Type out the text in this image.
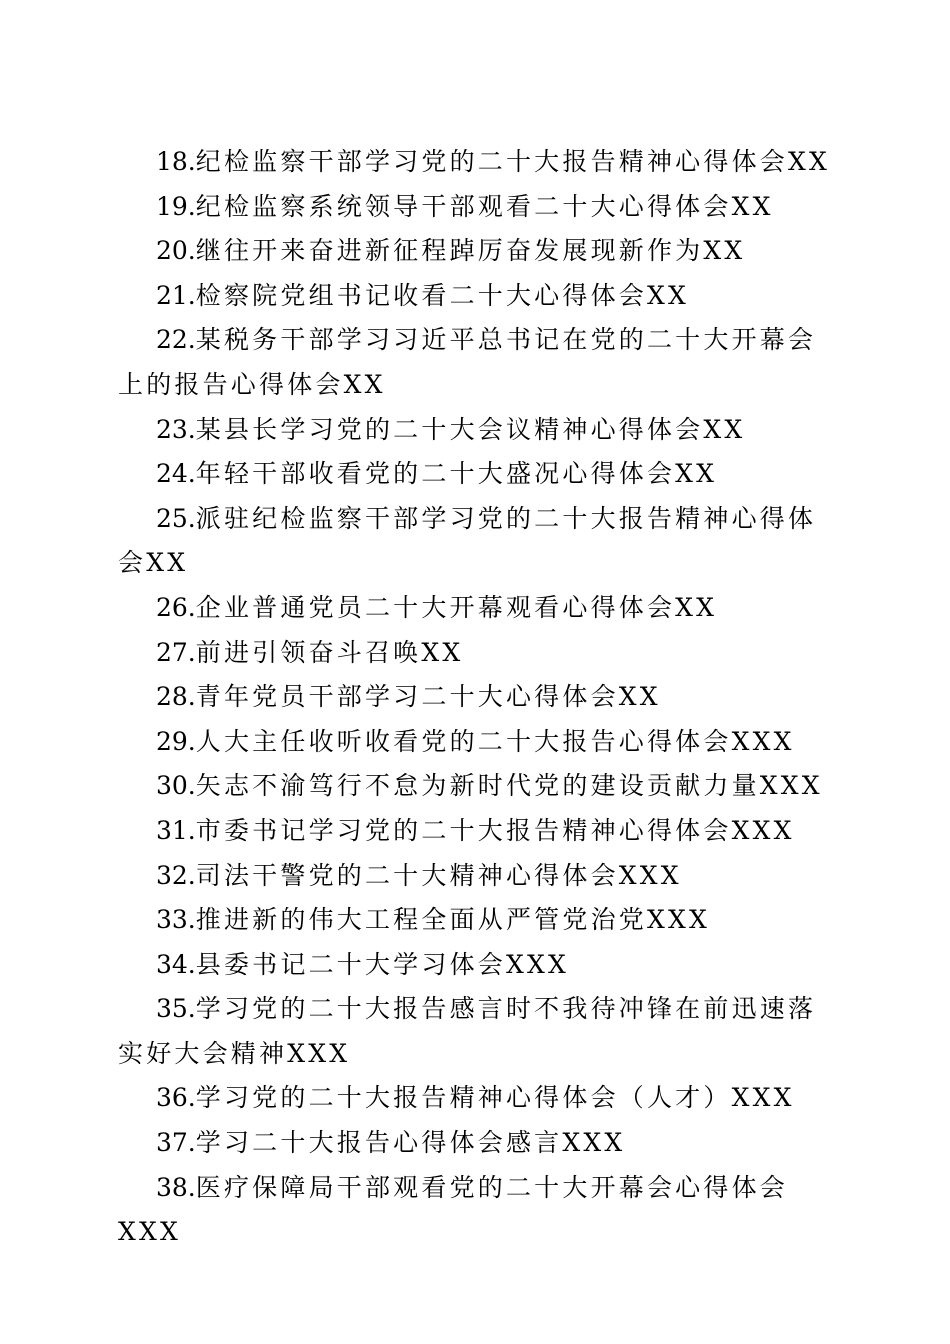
18.纪检监察干部学习党的二十大报告精神心得体会XX

19.纪检监察系统领导干部观看二十大心得体会XX

20.继往开来奋进新征程踔厉奋发展现新作为XX

21.检察院党组书记收看二十大心得体会XX

22.某税务干部学习习近平总书记在党的二十大开幕会上的报告心得体会XX

23.某县长学习党的二十大会议精神心得体会XX

24.年轻干部收看党的二十大盛况心得体会XX

25.派驻纪检监察干部学习党的二十大报告精神心得体会XX

26.企业普通党员二十大开幕观看心得体会XX

27.前进引领奋斗召唤XX

28.青年党员干部学习二十大心得体会XX

29.人大主任收听收看党的二十大报告心得体会XXX

30.矢志不渝笃行不怠为新时代党的建设贡献力量XXX

31.市委书记学习党的二十大报告精神心得体会XXX

32.司法干警党的二十大精神心得体会XXX

33.推进新的伟大工程全面从严管党治党XXX

34.县委书记二十大学习体会XXX

35.学习党的二十大报告感言时不我待冲锋在前迅速落实好大会精神XXX

36.学习党的二十大报告精神心得体会（人才）XXX

37.学习二十大报告心得体会感言XXX

38.医疗保障局干部观看党的二十大开幕会心得体会XXX
